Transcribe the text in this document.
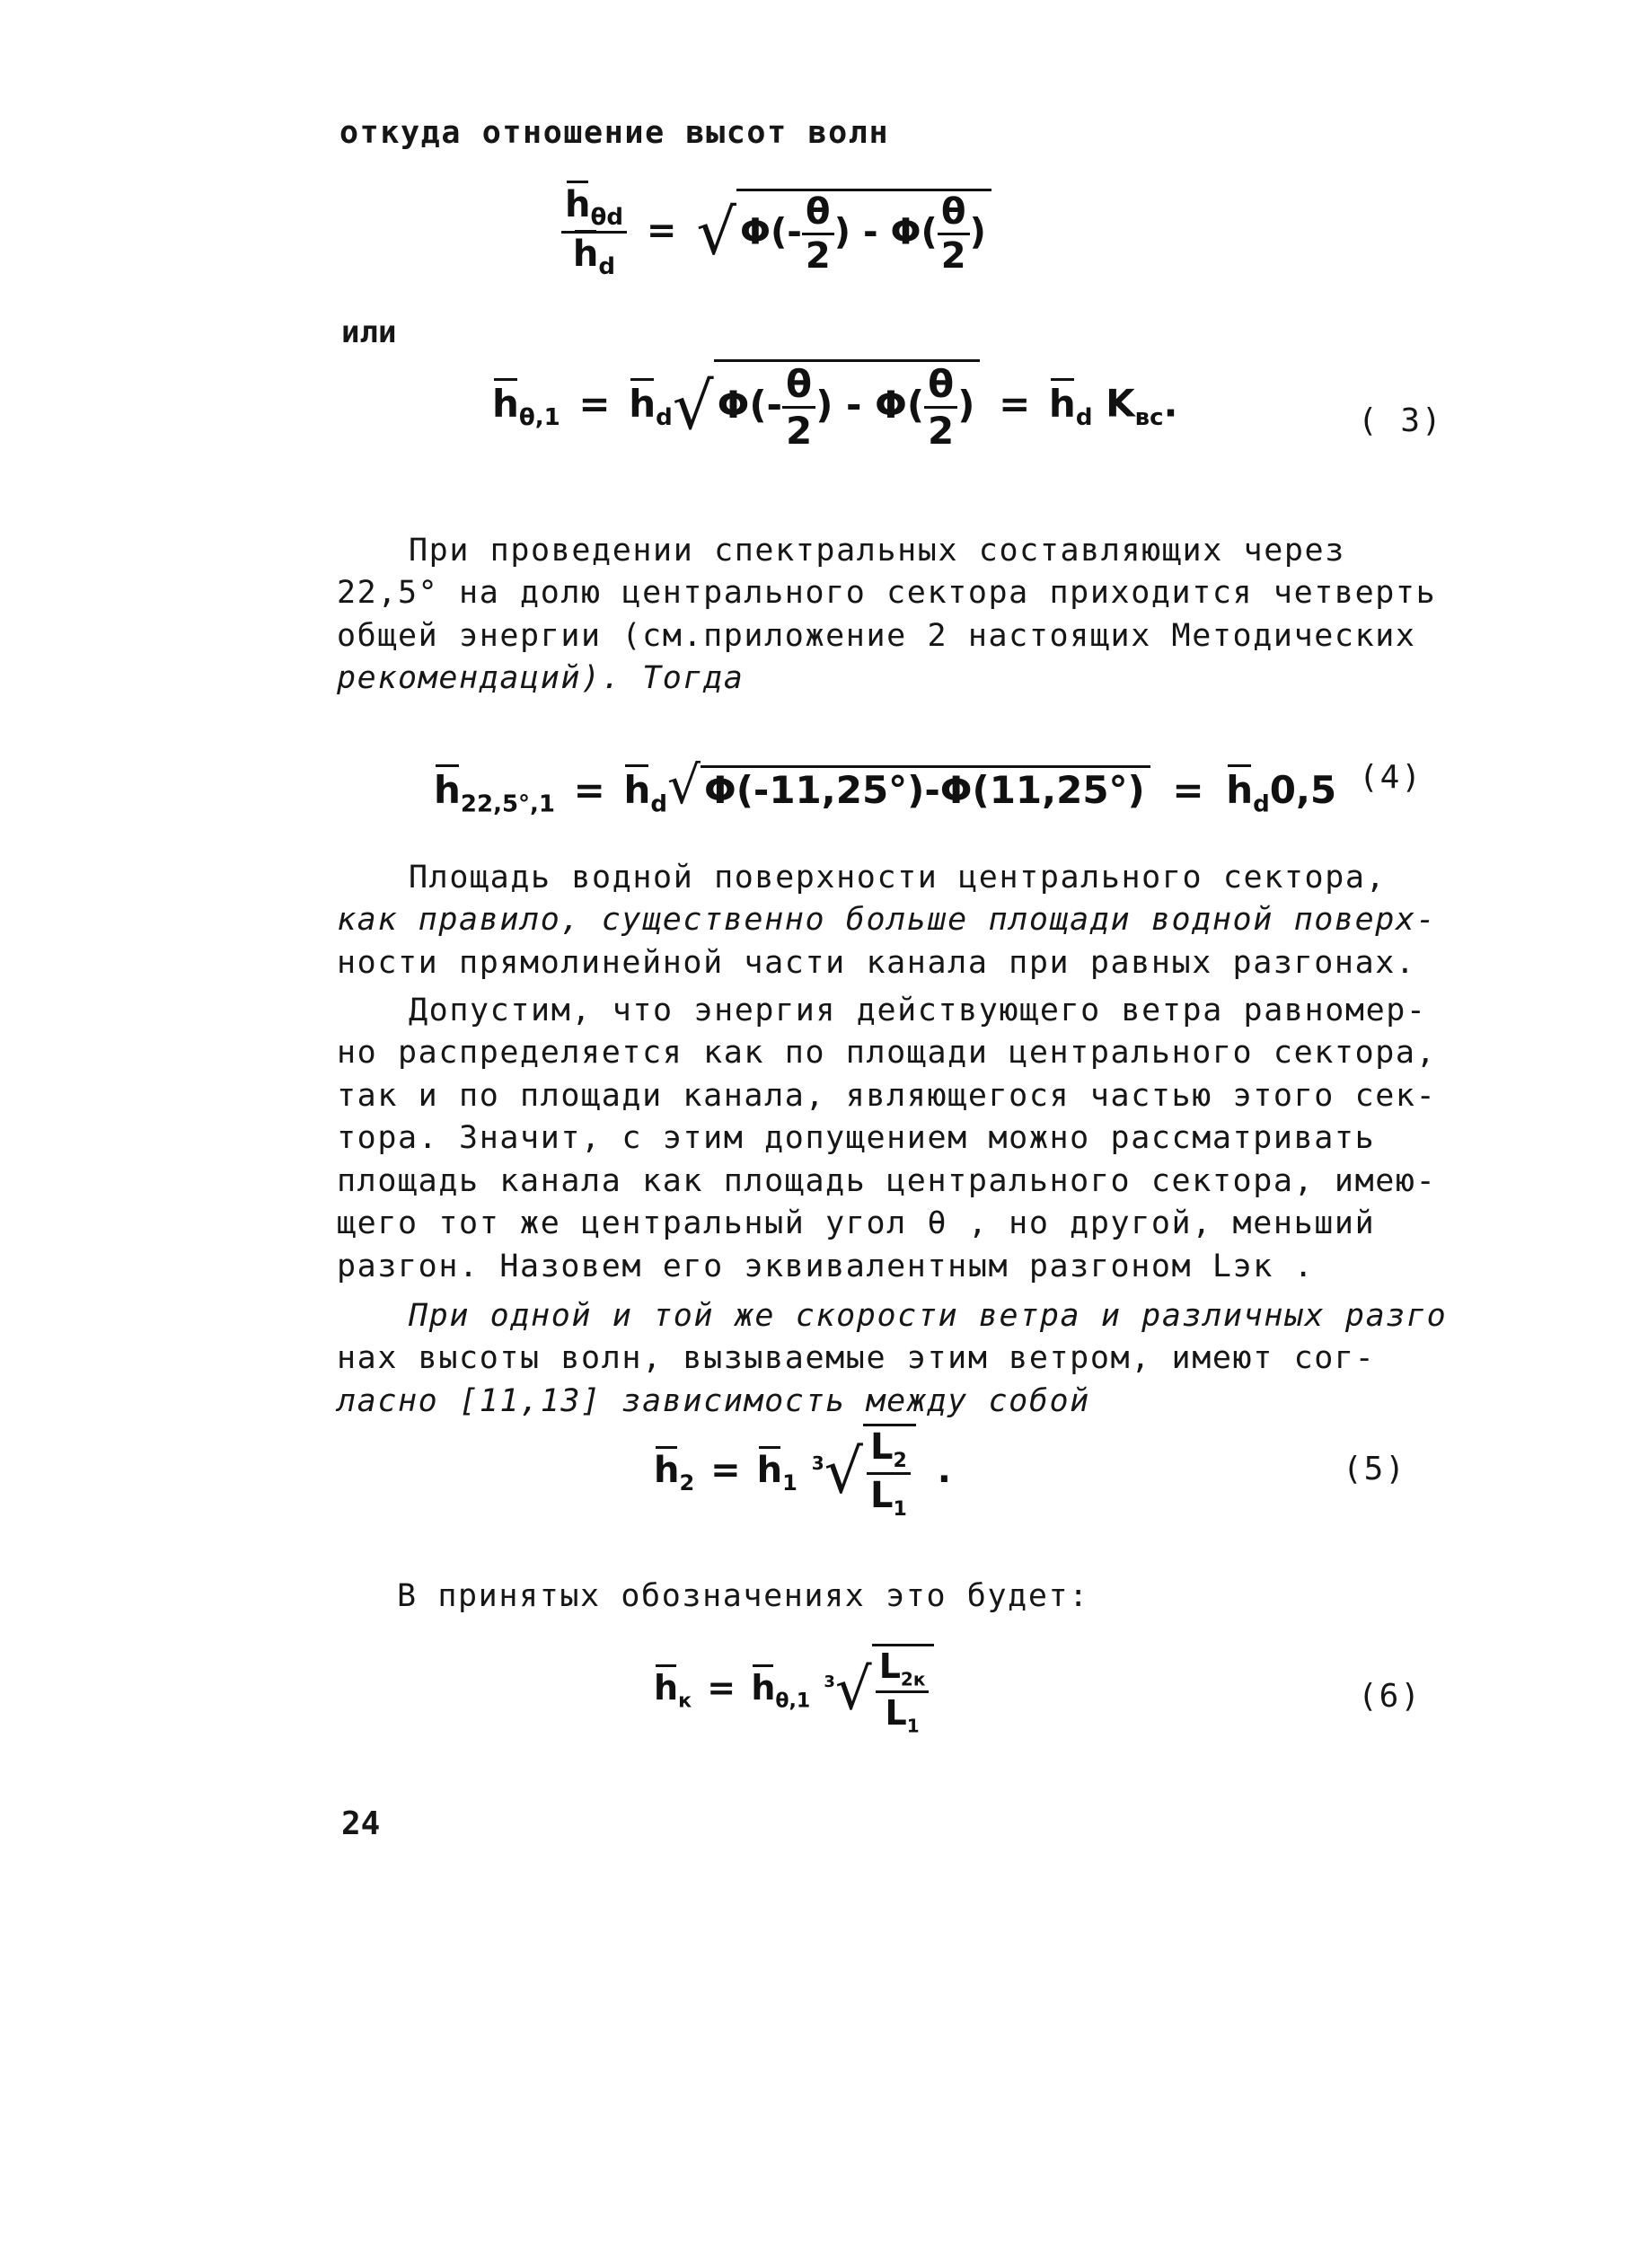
откуда отношение высот волн
$\frac{h_{\theta d}}{h_d}$ = √ $\Phi(- \frac{\theta}{2}$ ) - $\Phi( \frac{\theta}{2}$ )
или
$h_{\theta,1} = h_d√\Phi(- \frac{\theta}{2}$ ) - $\Phi( \frac{\theta}{2}$ ) = $h_d$ $K_{вс}$.	( 3)
При проведении спектральных составляющих через
22,5° на долю центрального сектора приходится четверть
общей энергии (см.приложение 2 настоящих Методических
рекомендаций). Тогда
$h_{22,5^\circ,1} = h_d√\Phi(-11,25^\circ)-\Phi(11,25^\circ) = h_d0,5$ (4)
Площадь водной поверхности центрального сектора,
как правило, существенно больше площади водной поверх-
ности прямолинейной части канала при равных разгонах.
Допустим, что энергия действующего ветра равномер-
но распределяется как по площади центрального сектора,
так и по площади канала, являющегося частью этого сек-
тора. Значит, с этим допущением можно рассматривать
площадь канала как площадь центрального сектора, имею-
щего тот же центральный угол θ , но другой, меньший
разгон. Назовем его эквивалентным разгоном Lэк .
При одной и той же скорости ветра и различных разго
нах высоты волн, вызываемые этим ветром, имеют сог-
ласно [11,13] зависимость между собой
$h_2 = h_1$ $^3√ \frac{L_2}{L_1}$ .	(5)
В принятых обозначениях это будет:
$h_к = h_{\theta,1}$ $^3√ \frac{L_{2к}}{L_1}$	(6)
24
